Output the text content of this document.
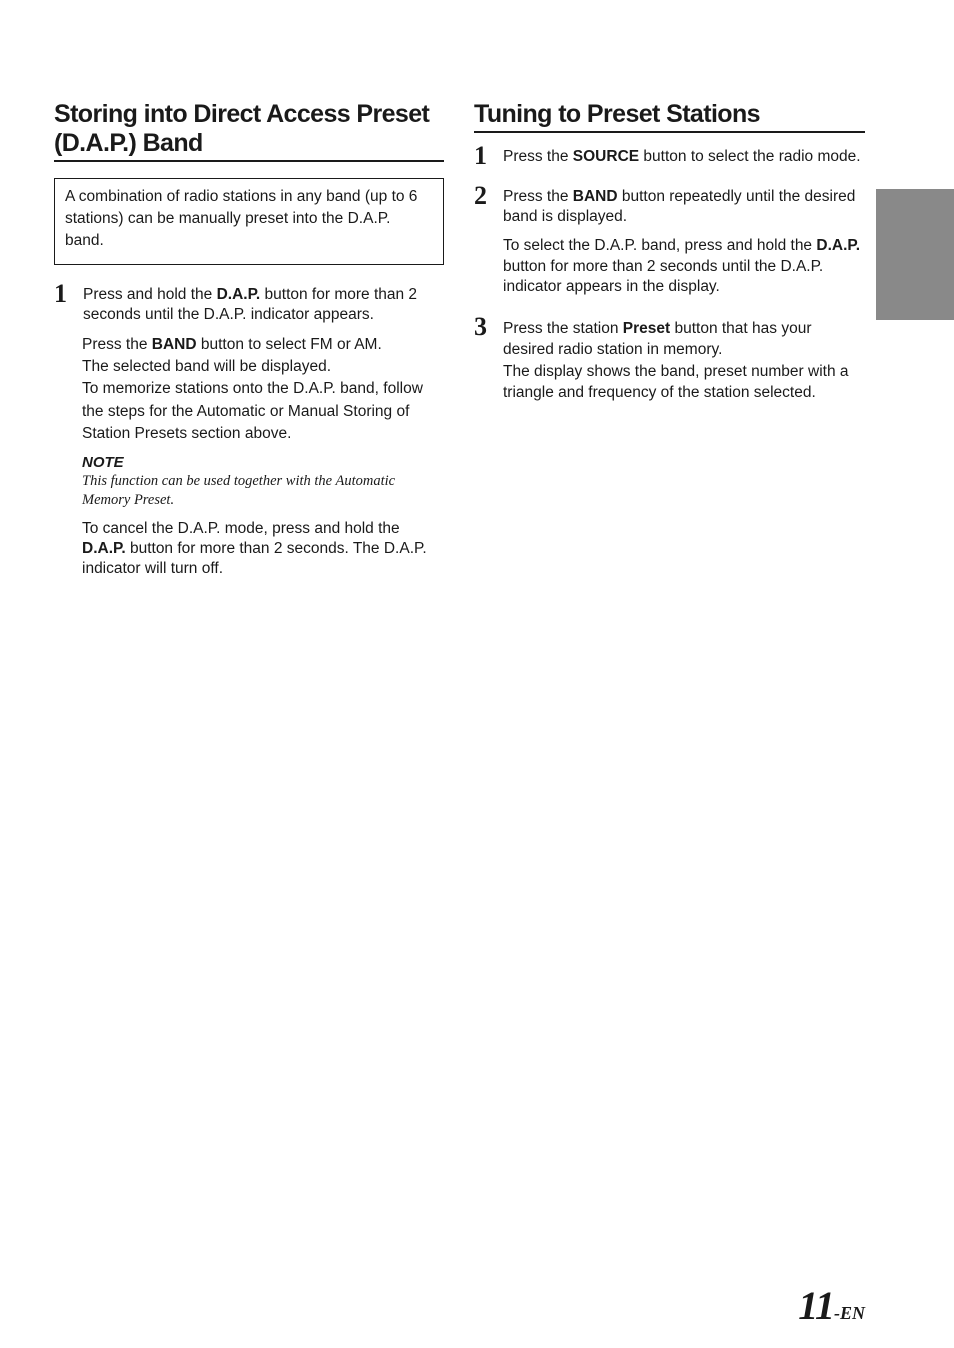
Storing into Direct Access Preset
(D.A.P.) Band
A combination of radio stations in any band (up to 6 stations) can be manually preset into the D.A.P. band.
1 Press and hold the D.A.P. button for more than 2 seconds until the D.A.P. indicator appears.
Press the BAND button to select FM or AM.
The selected band will be displayed.
To memorize stations onto the D.A.P. band, follow the steps for the Automatic or Manual Storing of Station Presets section above.
NOTE
This function can be used together with the Automatic Memory Preset.
To cancel the D.A.P. mode, press and hold the D.A.P. button for more than 2 seconds. The D.A.P. indicator will turn off.
Tuning to Preset Stations
1 Press the SOURCE button to select the radio mode.
2 Press the BAND button repeatedly until the desired band is displayed.
To select the D.A.P. band, press and hold the D.A.P. button for more than 2 seconds until the D.A.P. indicator appears in the display.
3 Press the station Preset button that has your desired radio station in memory.
The display shows the band, preset number with a triangle and frequency of the station selected.
11-EN
